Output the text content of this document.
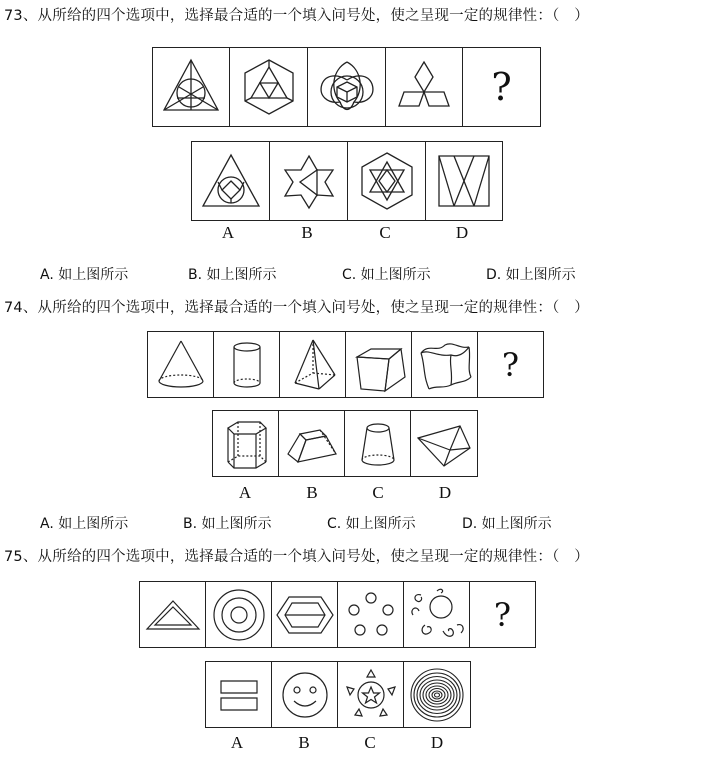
73、从所给的四个选项中，选择最合适的一个填入问号处，使之呈现一定的规律性：（　）
?
A	B	C	D
A. 如上图所示	B. 如上图所示	C. 如上图所示	D. 如上图所示
74、从所给的四个选项中，选择最合适的一个填入问号处，使之呈现一定的规律性：（　）
?
A	B	C	D
A. 如上图所示	B. 如上图所示	C. 如上图所示	D. 如上图所示
75、从所给的四个选项中，选择最合适的一个填入问号处，使之呈现一定的规律性：（　）
?
A	B	C	D
